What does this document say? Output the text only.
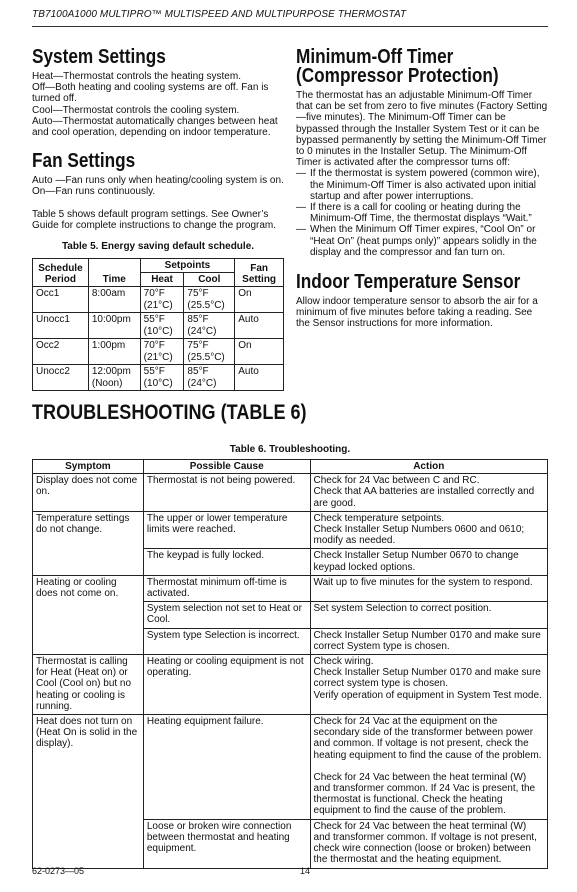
TB7100A1000 MULTIPRO™ MULTISPEED AND MULTIPURPOSE THERMOSTAT
System Settings
Heat—Thermostat controls the heating system.
Off—Both heating and cooling systems are off. Fan is turned off.
Cool—Thermostat controls the cooling system.
Auto—Thermostat automatically changes between heat and cool operation, depending on indoor temperature.
Fan Settings
Auto —Fan runs only when heating/cooling system is on.
On—Fan runs continuously.

Table 5 shows default program settings. See Owner’s Guide for complete instructions to change the program.

Table 5. Energy saving default schedule.
Schedule Period	Time	Setpoints		Fan Setting
		Heat	Cool	
Occ1	8:00am	70°F (21°C)	75°F (25.5°C)	On
Unocc1	10:00pm	55°F (10°C)	85°F (24°C)	Auto
Occ2	1:00pm	70°F (21°C)	75°F (25.5°C)	On
Unocc2	12:00pm (Noon)	55°F (10°C)	85°F (24°C)	Auto
Minimum-Off Timer
(Compressor Protection)

The thermostat has an adjustable Minimum-Off Timer that can be set from zero to five minutes (Factory Setting—five minutes). The Minimum-Off Timer can be bypassed through the Installer System Test or it can be bypassed permanently by setting the Minimum-Off Timer to 0 minutes in the Installer Setup. The Minimum-Off Timer is activated after the compressor turns off:

— If the thermostat is system powered (common wire), the Minimum-Off Timer is also activated upon initial startup and after power interruptions.
— If there is a call for cooling or heating during the Minimum-Off Time, the thermostat displays “Wait.”
— When the Minimum Off Timer expires, “Cool On” or “Heat On” (heat pumps only)” appears solidly in the display and the compressor and fan turn on.
Indoor Temperature Sensor

Allow indoor temperature sensor to absorb the air for a minimum of five minutes before taking a reading. See the Sensor instructions for more information.

TROUBLESHOOTING (TABLE 6)
Table 6. Troubleshooting.
Symptom	Possible Cause	Action
Display does not come on.	Thermostat is not being powered.	Check for 24 Vac between C and RC.
Check that AA batteries are installed correctly and are good.

Temperature settings do not change.	The upper or lower temperature limits were reached.	Check temperature setpoints.
Check Installer Setup Numbers 0600 and 0610; modify as needed.

	The keypad is fully locked.	Check Installer Setup Number 0670 to change keypad locked options.

Heating or cooling does not come on.	Thermostat minimum off-time is activated.	Wait up to five minutes for the system to respond.

	System selection not set to Heat or Cool.	Set system Selection to correct position.

	System type Selection is incorrect.	Check Installer Setup Number 0170 and make sure correct System type is chosen.

Thermostat is calling for Heat (Heat on) or Cool (Cool on) but no heating or cooling is running.	Heating or cooling equipment is not operating.	Check wiring.
Check Installer Setup Number 0170 and make sure correct system type is chosen.
Verify operation of equipment in System Test mode.

Heat does not turn on (Heat On is solid in the display).	Heating equipment failure.	Check for 24 Vac at the equipment on the secondary side of the transformer between power and common. If voltage is not present, check the heating equipment to find the cause of the problem.
Check for 24 Vac between the heat terminal (W) and transformer common. If 24 Vac is present, the thermostat is functional. Check the heating equipment to find the cause of the problem.

	Loose or broken wire connection between thermostat and heating equipment.	Check for 24 Vac between the heat terminal (W) and transformer common. If voltage is not present, check wire connection (loose or broken) between the thermostat and the heating equipment.
62-0273—05	14
